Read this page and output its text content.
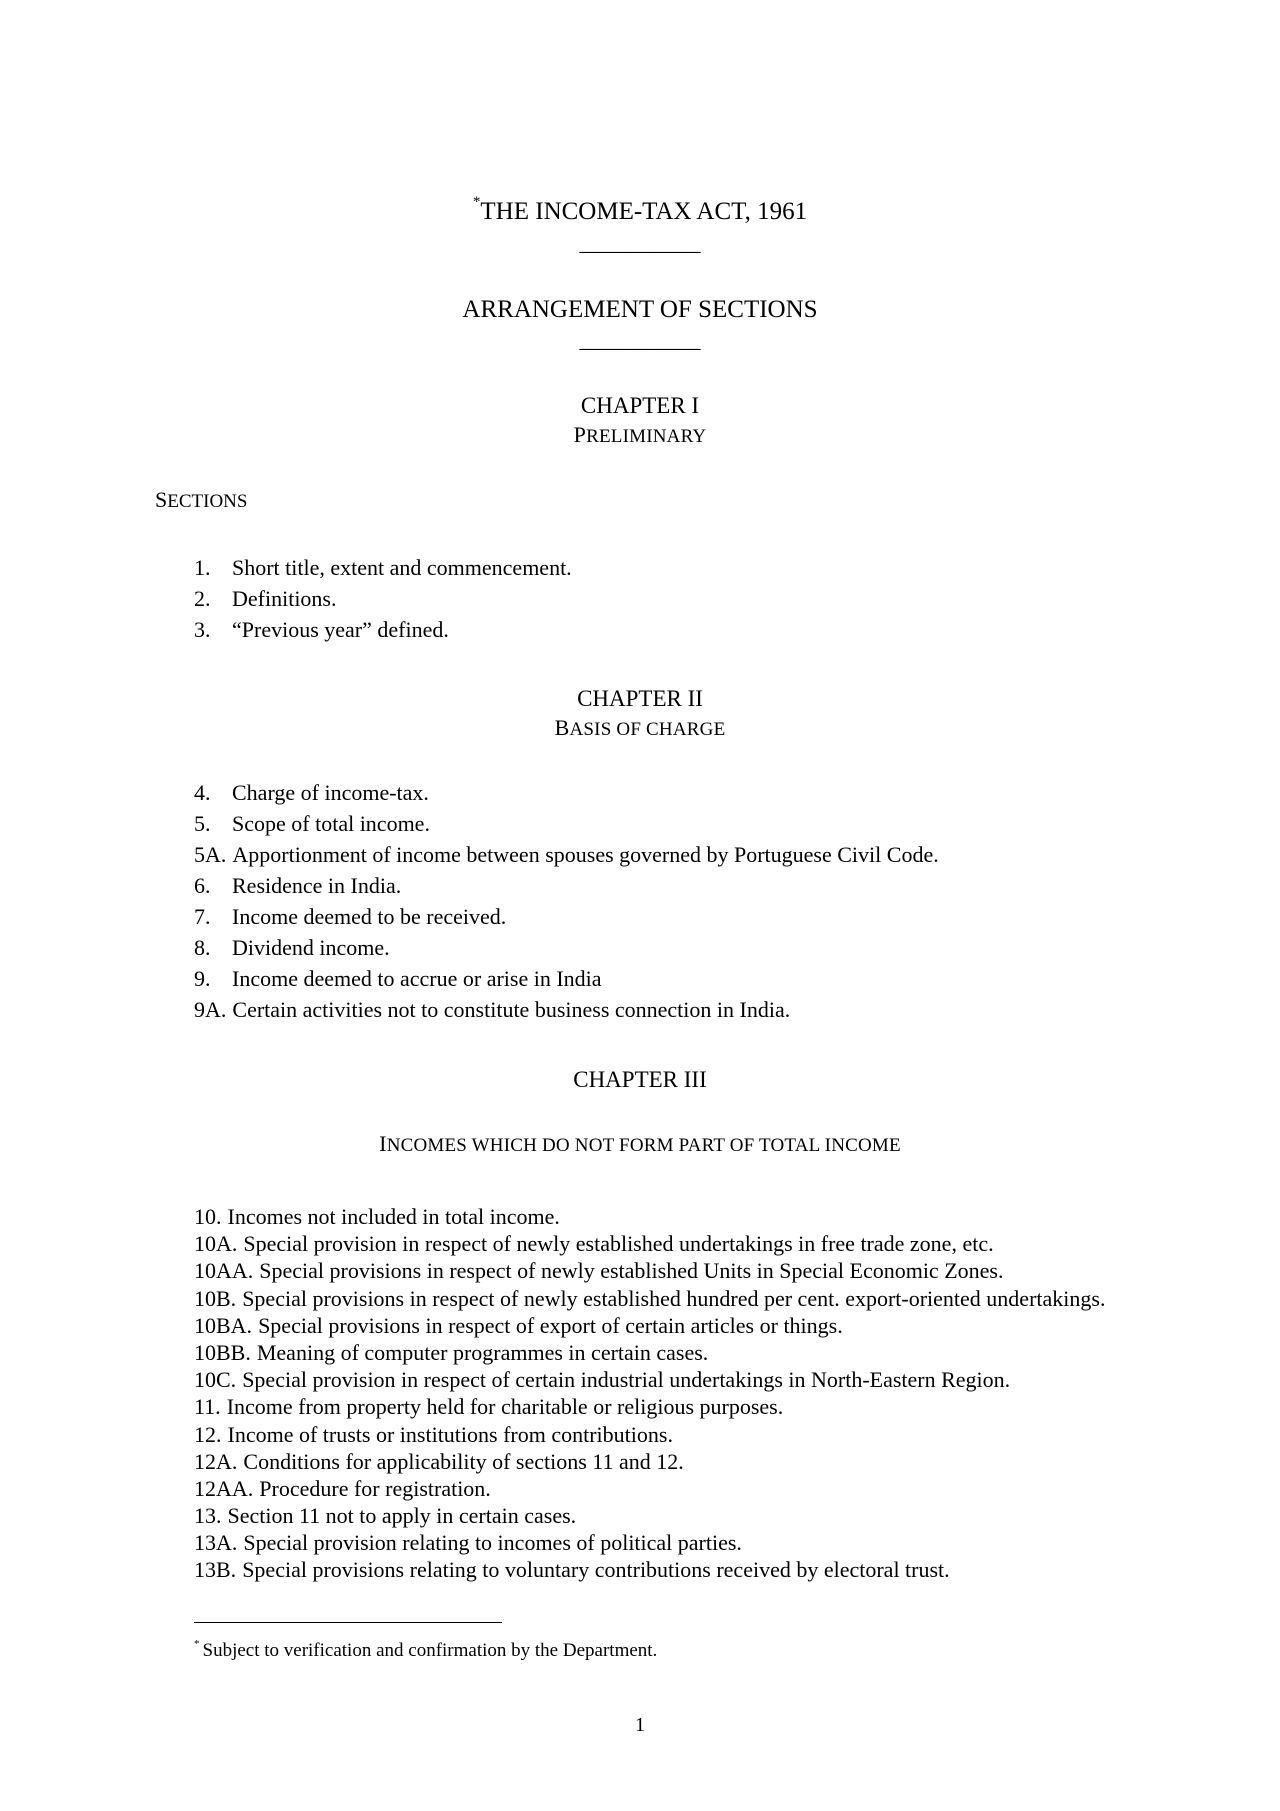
*THE INCOME-TAX ACT, 1961
___________
ARRANGEMENT OF SECTIONS
___________
CHAPTER I
PRELIMINARY
SECTIONS
1. Short title, extent and commencement.
2. Definitions.
3. “Previous year” defined.
CHAPTER II
BASIS OF CHARGE
4. Charge of income-tax.
5. Scope of total income.
5A. Apportionment of income between spouses governed by Portuguese Civil Code.
6. Residence in India.
7. Income deemed to be received.
8. Dividend income.
9. Income deemed to accrue or arise in India
9A. Certain activities not to constitute business connection in India.
CHAPTER III
INCOMES WHICH DO NOT FORM PART OF TOTAL INCOME
10. Incomes not included in total income.
10A. Special provision in respect of newly established undertakings in free trade zone, etc.
10AA. Special provisions in respect of newly established Units in Special Economic Zones.
10B. Special provisions in respect of newly established hundred per cent. export-oriented undertakings.
10BA. Special provisions in respect of export of certain articles or things.
10BB. Meaning of computer programmes in certain cases.
10C. Special provision in respect of certain industrial undertakings in North-Eastern Region.
11. Income from property held for charitable or religious purposes.
12. Income of trusts or institutions from contributions.
12A. Conditions for applicability of sections 11 and 12.
12AA. Procedure for registration.
13. Section 11 not to apply in certain cases.
13A. Special provision relating to incomes of political parties.
13B. Special provisions relating to voluntary contributions received by electoral trust.
* Subject to verification and confirmation by the Department.
1
